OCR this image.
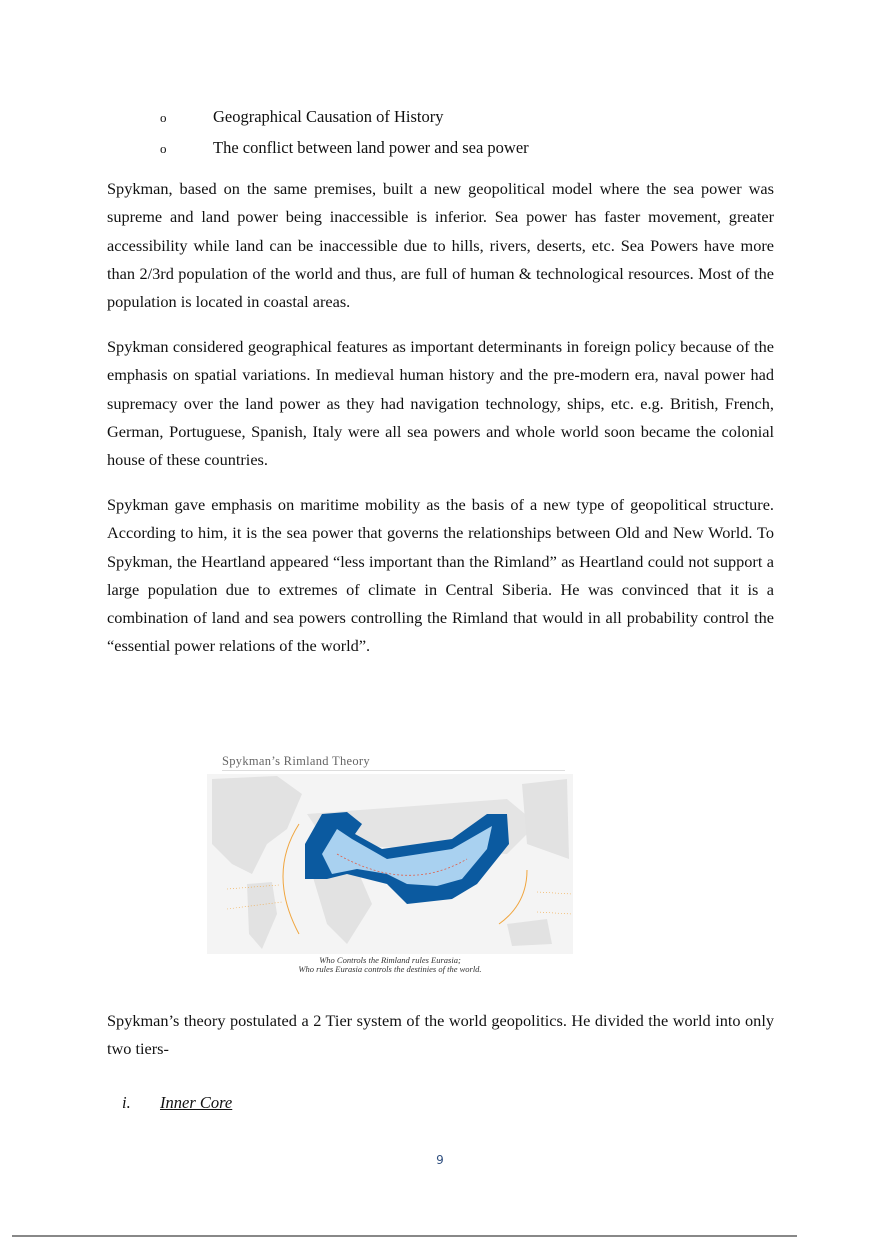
o	Geographical Causation of History
o	The conflict between land power and sea power

Spykman, based on the same premises, built a new geopolitical model where the sea power was supreme and land power being inaccessible is inferior. Sea power has faster movement, greater accessibility while land can be inaccessible due to hills, rivers, deserts, etc. Sea Powers have more than 2/3rd population of the world and thus, are full of human & technological resources. Most of the population is located in coastal areas.

Spykman considered geographical features as important determinants in foreign policy because of the emphasis on spatial variations. In medieval human history and the pre-modern era, naval power had supremacy over the land power as they had navigation technology, ships, etc. e.g. British, French, German, Portuguese, Spanish, Italy were all sea powers and whole world soon became the colonial house of these countries.

Spykman gave emphasis on maritime mobility as the basis of a new type of geopolitical structure. According to him, it is the sea power that governs the relationships between Old and New World. To Spykman, the Heartland appeared “less important than the Rimland” as Heartland could not support a large population due to extremes of climate in Central Siberia. He was convinced that it is a combination of land and sea powers controlling the Rimland that would in all probability control the “essential power relations of the world”.

Spykman’s Rimland Theory
Who Controls the Rimland rules Eurasia;
Who rules Eurasia controls the destinies of the world.

Spykman’s theory postulated a 2 Tier system of the world geopolitics. He divided the world into only two tiers-

i. Inner Core
9
